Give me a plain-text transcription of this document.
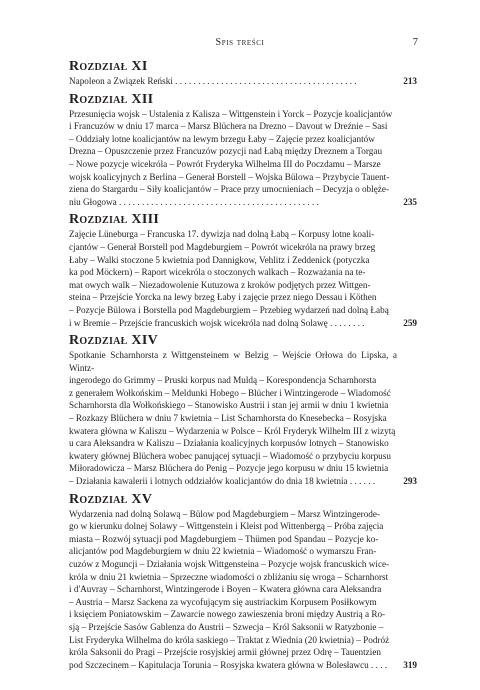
Spis treści	7
Rozdział XI
Napoleon a Związek Reński . . . . . . . . . . . . . . . . . . . . . . . . . . . . . . . . . . . . . . . .	213
Rozdział XII
Przesunięcia wojsk – Ustalenia z Kalisza – Wittgenstein i Yorck – Pozycje koalicjantów
i Francuzów w dniu 17 marca – Marsz Blüchera na Drezno – Davout w Dreźnie – Sasi
– Oddziały lotne koalicjantów na lewym brzegu Łaby – Zajęcie przez koalicjantów
Drezna – Opuszczenie przez Francuzów pozycji nad Łabą między Dreznem a Torgau
– Nowe pozycje wicekróla – Powrót Fryderyka Wilhelma III do Poczdamu – Marsze
wojsk koalicyjnych z Berlina – Generał Borstell – Wojska Bülowa – Przybycie Tauent-
ziena do Stargardu – Siły koalicjantów – Prace przy umocnieniach – Decyzja o oblęże-
niu Głogowa . . . . . . . . . . . . . . . . . . . . . . . . . . . . . . . . . . . . . . . . . . . .	235
Rozdział XIII
Zajęcie Lüneburga – Francuska 17. dywizja nad dolną Łabą – Korpusy lotne koali-
cjantów – Generał Borstell pod Magdeburgiem – Powrót wicekróla na prawy brzeg
Łaby – Walki stoczone 5 kwietnia pod Dannigkow, Vehlitz i Zeddenick (potyczka
ka pod Möckern) – Raport wicekróla o stoczonych walkach – Rozważania na te-
mat owych walk – Niezadowolenie Kutuzowa z kroków podjętych przez Wittgen-
steina – Przejście Yorcka na lewy brzeg Łaby i zajęcie przez niego Dessau i Köthen
– Pozycje Bülowa i Borstella pod Magdeburgiem – Przebieg wydarzeń nad dolną Łabą
i w Bremie – Przejście francuskich wojsk wicekróla nad dolną Solawę . . . . . . . .	259
Rozdział XIV
Spotkanie Scharnhorsta z Wittgensteinem w Belzig – Wejście Orłowa do Lipska, a Wintz-
ingerodego do Grimmy – Pruski korpus nad Muldą – Korespondencja Scharnhorsta
z generałem Wołkońskim – Meldunki Hobego – Blücher i Wintzingerode – Wiadomość
Scharnhorsta dla Wołkońskiego – Stanowisko Austrii i stan jej armii w dniu 1 kwietnia
– Rozkazy Blüchera w dniu 7 kwietnia – List Scharnhorsta do Knesebecka – Rosyjska
kwatera główna w Kaliszu – Wydarzenia w Polsce – Król Fryderyk Wilhelm III z wizytą
u cara Aleksandra w Kaliszu – Działania koalicyjnych korpusów lotnych – Stanowisko
kwatery głównej Blüchera wobec panującej sytuacji – Wiadomość o przybyciu korpusu
Miłoradowicza – Marsz Blüchera do Penig – Pozycje jego korpusu w dniu 15 kwietnia
– Działania kawalerii i lotnych oddziałów koalicjantów do dnia 18 kwietnia . . . . . .	293
Rozdział XV
Wydarzenia nad dolną Solawą – Bülow pod Magdeburgiem – Marsz Wintzingerode-
go w kierunku dolnej Solawy – Wittgenstein i Kleist pod Wittenbergą – Próba zajęcia
miasta – Rozwój sytuacji pod Magdeburgiem – Thümen pod Spandau – Pozycje ko-
alicjantów pod Magdeburgiem w dniu 22 kwietnia – Wiadomość o wymarszu Fran-
cuzów z Moguncji – Działania wojsk Wittgensteina – Pozycje wojsk francuskich wice-
króla w dniu 21 kwietnia – Sprzeczne wiadomości o zbliżaniu się wroga – Scharnhorst
i d'Auvray – Scharnhorst, Wintzingerode i Boyen – Kwatera główna cara Aleksandra
– Austria – Marsz Sackena za wycofującym się austriackim Korpusem Posiłkowym
i księciem Poniatowskim – Zawarcie nowego zawieszenia broni między Austrią a Ro-
sją – Przejście Sasów Gablenza do Austrii – Szwecja – Król Saksonii w Ratyzbonie –
List Fryderyka Wilhelma do króla saskiego – Traktat z Wiednia (20 kwietnia) – Podróż
króla Saksonii do Pragi – Przejście rosyjskiej armii głównej przez Odrę – Tauentzien
pod Szczecinem – Kapitulacja Torunia – Rosyjska kwatera główna w Bolesławcu . . . .	319
